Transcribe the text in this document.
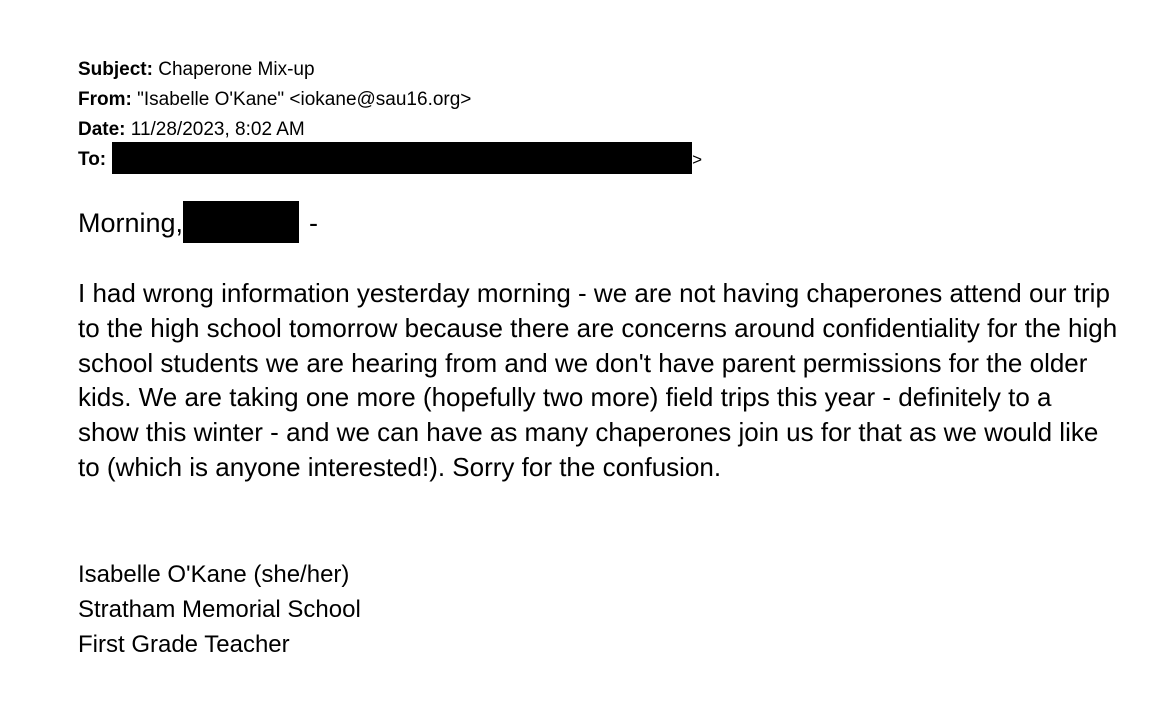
Subject: Chaperone Mix-up
From: "Isabelle O'Kane" <iokane@sau16.org>
Date: 11/28/2023, 8:02 AM
To:	>
Morning,	-

I had wrong information yesterday morning - we are not having chaperones attend our trip to the high school tomorrow because there are concerns around confidentiality for the high school students we are hearing from and we don't have parent permissions for the older kids. We are taking one more (hopefully two more) field trips this year - definitely to a show this winter - and we can have as many chaperones join us for that as we would like to (which is anyone interested!). Sorry for the confusion.

Isabelle O'Kane (she/her)
Stratham Memorial School
First Grade Teacher
